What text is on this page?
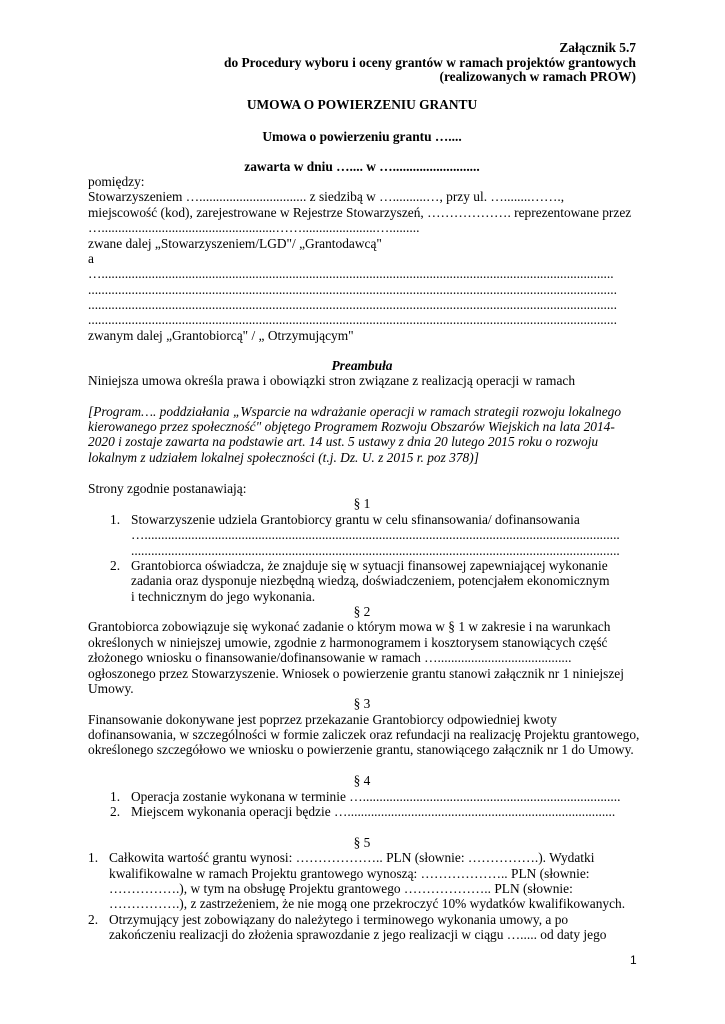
Załącznik 5.7
do Procedury wyboru i oceny grantów w ramach projektów grantowych
(realizowanych w ramach PROW)
UMOWA O POWIERZENIU GRANTU
Umowa o powierzeniu grantu …....
zawarta w dniu ….... w …..........................
pomiędzy:
Stowarzyszeniem …................................ z siedzibą w …..........…, przy ul. …........…….,
miejscowość (kod), zarejestrowane w Rejestrze Stowarzyszeń, ………………. reprezentowane przez
…....................................................……......................….........
zwane dalej „Stowarzyszeniem/LGD"/ „Grantodawcą"
a
….........................................................................................................................................................
..............................................................................................................................................................
..............................................................................................................................................................
..............................................................................................................................................................
zwanym dalej „Grantobiorcą" / „ Otrzymującym"
Preambuła
Niniejsza umowa określa prawa i obowiązki stron związane z realizacją operacji w ramach
[Program…. poddziałania „Wsparcie na wdrażanie operacji w ramach strategii rozwoju lokalnego
kierowanego przez społeczność" objętego Programem Rozwoju Obszarów Wiejskich na lata 2014-
2020 i zostaje zawarta na podstawie art. 14 ust. 5 ustawy z dnia 20 lutego 2015 roku o rozwoju
lokalnym z udziałem lokalnej społeczności (t.j. Dz. U. z 2015 r. poz 378)]
Strony zgodnie postanawiają:
§ 1
1. Stowarzyszenie udziela Grantobiorcy grantu w celu sfinansowania/ dofinansowania
…..............................................................................................................................................
..................................................................................................................................................
2. Grantobiorca oświadcza, że znajduje się w sytuacji finansowej zapewniającej wykonanie
zadania oraz dysponuje niezbędną wiedzą, doświadczeniem, potencjałem ekonomicznym
i technicznym do jego wykonania.
§ 2
Grantobiorca zobowiązuje się wykonać zadanie o którym mowa w § 1 w zakresie i na warunkach
określonych w niniejszej umowie, zgodnie z harmonogramem i kosztorysem stanowiących część
złożonego wniosku o finansowanie/dofinansowanie w ramach …........................................
ogłoszonego przez Stowarzyszenie. Wniosek o powierzenie grantu stanowi załącznik nr 1 niniejszej
Umowy.
§ 3
Finansowanie dokonywane jest poprzez przekazanie Grantobiorcy odpowiedniej kwoty
dofinansowania, w szczególności w formie zaliczek oraz refundacji na realizację Projektu grantowego,
określonego szczegółowo we wniosku o powierzenie grantu, stanowiącego załącznik nr 1 do Umowy.
§ 4
1. Operacja zostanie wykonana w terminie ….............................................................................
2. Miejscem wykonania operacji będzie …................................................................................
§ 5
1. Całkowita wartość grantu wynosi: ……………….. PLN (słownie: …………….). Wydatki
kwalifikowalne w ramach Projektu grantowego wynoszą: ……………….. PLN (słownie:
…………….), w tym na obsługę Projektu grantowego ……………….. PLN (słownie:
…………….), z zastrzeżeniem, że nie mogą one przekroczyć 10% wydatków kwalifikowanych.
2. Otrzymujący jest zobowiązany do należytego i terminowego wykonania umowy, a po
zakończeniu realizacji do złożenia sprawozdanie z jego realizacji w ciągu …..... od daty jego
1
